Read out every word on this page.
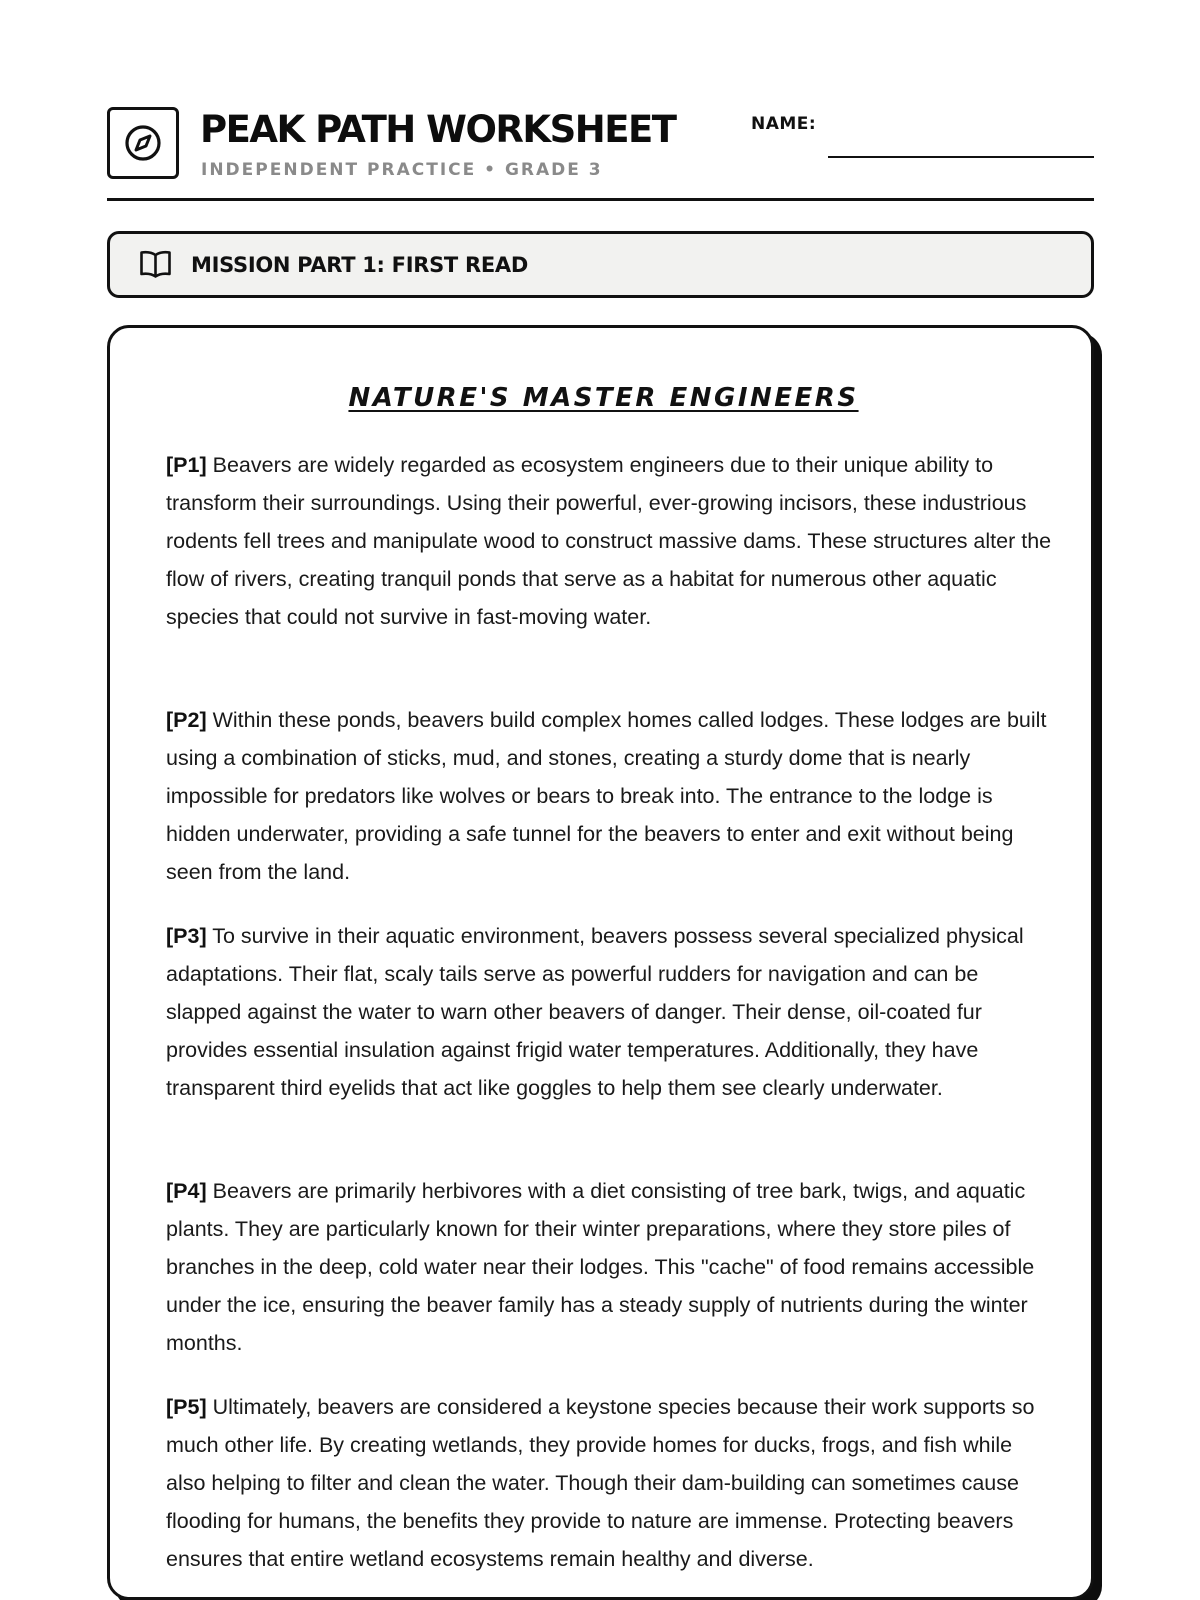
PEAK PATH WORKSHEET
INDEPENDENT PRACTICE • GRADE 3
NAME:
MISSION PART 1: FIRST READ
NATURE'S MASTER ENGINEERS

[P1] Beavers are widely regarded as ecosystem engineers due to their unique ability to transform their surroundings. Using their powerful, ever-growing incisors, these industrious rodents fell trees and manipulate wood to construct massive dams. These structures alter the flow of rivers, creating tranquil ponds that serve as a habitat for numerous other aquatic species that could not survive in fast-moving water.

[P2] Within these ponds, beavers build complex homes called lodges. These lodges are built using a combination of sticks, mud, and stones, creating a sturdy dome that is nearly impossible for predators like wolves or bears to break into. The entrance to the lodge is hidden underwater, providing a safe tunnel for the beavers to enter and exit without being seen from the land.

[P3] To survive in their aquatic environment, beavers possess several specialized physical adaptations. Their flat, scaly tails serve as powerful rudders for navigation and can be slapped against the water to warn other beavers of danger. Their dense, oil-coated fur provides essential insulation against frigid water temperatures. Additionally, they have transparent third eyelids that act like goggles to help them see clearly underwater.

[P4] Beavers are primarily herbivores with a diet consisting of tree bark, twigs, and aquatic plants. They are particularly known for their winter preparations, where they store piles of branches in the deep, cold water near their lodges. This "cache" of food remains accessible under the ice, ensuring the beaver family has a steady supply of nutrients during the winter months.

[P5] Ultimately, beavers are considered a keystone species because their work supports so much other life. By creating wetlands, they provide homes for ducks, frogs, and fish while also helping to filter and clean the water. Though their dam-building can sometimes cause flooding for humans, the benefits they provide to nature are immense. Protecting beavers ensures that entire wetland ecosystems remain healthy and diverse.
